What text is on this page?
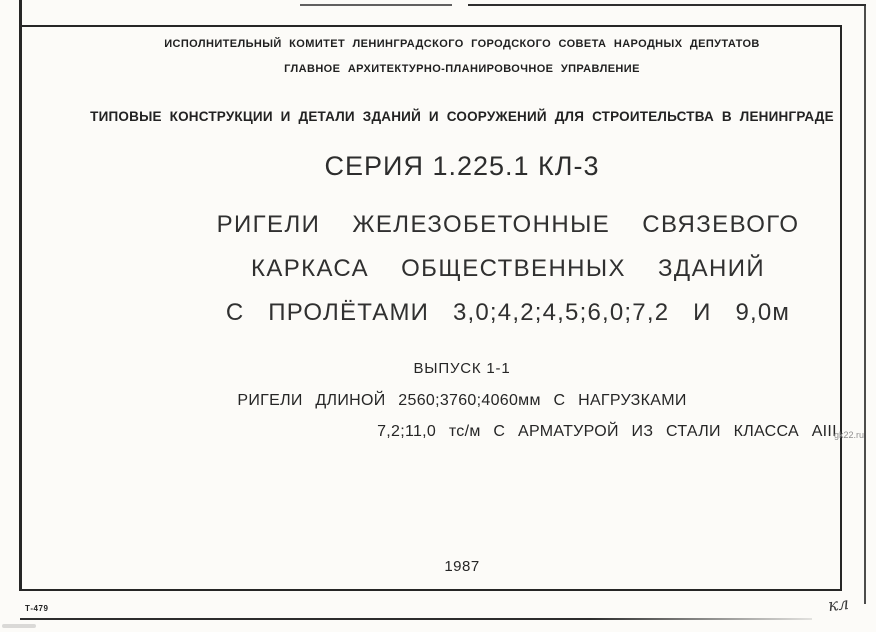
ИСПОЛНИТЕЛЬНЫЙ КОМИТЕТ ЛЕНИНГРАДСКОГО ГОРОДСКОГО СОВЕТА НАРОДНЫХ ДЕПУТАТОВ
ГЛАВНОЕ АРХИТЕКТУРНО-ПЛАНИРОВОЧНОЕ УПРАВЛЕНИЕ
ТИПОВЫЕ КОНСТРУКЦИИ И ДЕТАЛИ ЗДАНИЙ И СООРУЖЕНИЙ ДЛЯ СТРОИТЕЛЬСТВА В ЛЕНИНГРАДЕ
СЕРИЯ 1.225.1 КЛ-3
РИГЕЛИ ЖЕЛЕЗОБЕТОННЫЕ СВЯЗЕВОГО
КАРКАСА ОБЩЕСТВЕННЫХ ЗДАНИЙ
С ПРОЛЁТАМИ 3,0;4,2;4,5;6,0;7,2 И 9,0м
ВЫПУСК 1-1
РИГЕЛИ ДЛИНОЙ 2560;3760;4060мм С НАГРУЗКАМИ
7,2;11,0 тс/м С АРМАТУРОЙ ИЗ СТАЛИ КЛАССА АIII
1987
Т-479	кл
gk22.ru
